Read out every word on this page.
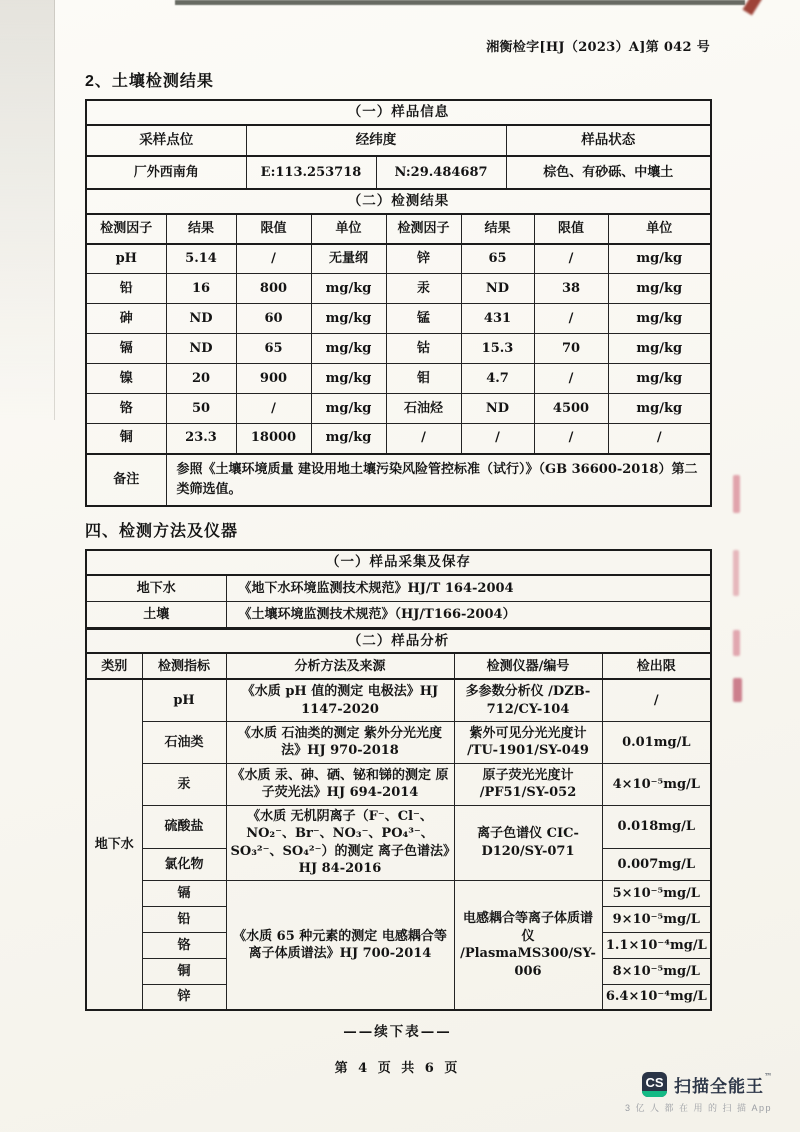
湘衡检字[HJ（2023）A]第 042 号
2、土壤检测结果
（一）样品信息			
采样点位	经纬度		样品状态
厂外西南角	E:113.253718	N:29.484687	棕色、有砂砾、中壤土
（二）检测结果							
检测因子	结果	限值	单位	检测因子	结果	限值	单位
pH	5.14	/	无量纲	锌	65	/	mg/kg
铅	16	800	mg/kg	汞	ND	38	mg/kg
砷	ND	60	mg/kg	锰	431	/	mg/kg
镉	ND	65	mg/kg	钴	15.3	70	mg/kg
镍	20	900	mg/kg	钼	4.7	/	mg/kg
铬	50	/	mg/kg	石油烃	ND	4500	mg/kg
铜	23.3	18000	mg/kg	/	/	/	/
备注	参照《土壤环境质量 建设用地土壤污染风险管控标准（试行）》（GB 36600-2018）第二类筛选值。						
四、检测方法及仪器
（一）样品采集及保存	
地下水	《地下水环境监测技术规范》HJ/T 164-2004
土壤	《土壤环境监测技术规范》（HJ/T166-2004）
（二）样品分析				
类别	检测指标	分析方法及来源	检测仪器/编号	检出限
地下水	pH	《水质 pH 值的测定 电极法》HJ 1147-2020	多参数分析仪 /DZB-712/CY-104	/
	石油类	《水质 石油类的测定 紫外分光光度法》HJ 970-2018	紫外可见分光光度计 /TU-1901/SY-049	0.01mg/L
	汞	《水质 汞、砷、硒、铋和锑的测定 原子荧光法》HJ 694-2014	原子荧光光度计 /PF51/SY-052	4×10⁻⁵mg/L
	硫酸盐	《水质 无机阴离子（F⁻、Cl⁻、NO₂⁻、Br⁻、NO₃⁻、PO₄³⁻、SO₃²⁻、SO₄²⁻）的测定 离子色谱法》HJ 84-2016	离子色谱仪 CIC-D120/SY-071	0.018mg/L
	氯化物			0.007mg/L
	镉	《水质 65 种元素的测定 电感耦合等离子体质谱法》HJ 700-2014	电感耦合等离子体质谱仪 /PlasmaMS300/SY-006	5×10⁻⁵mg/L
	铅			9×10⁻⁵mg/L
	铬			1.1×10⁻⁴mg/L
	铜			8×10⁻⁵mg/L
	锌			6.4×10⁻⁴mg/L
——续下表——
第 4 页 共 6 页
CS 扫描全能王™
3 亿 人 都 在 用 的 扫 描 App
